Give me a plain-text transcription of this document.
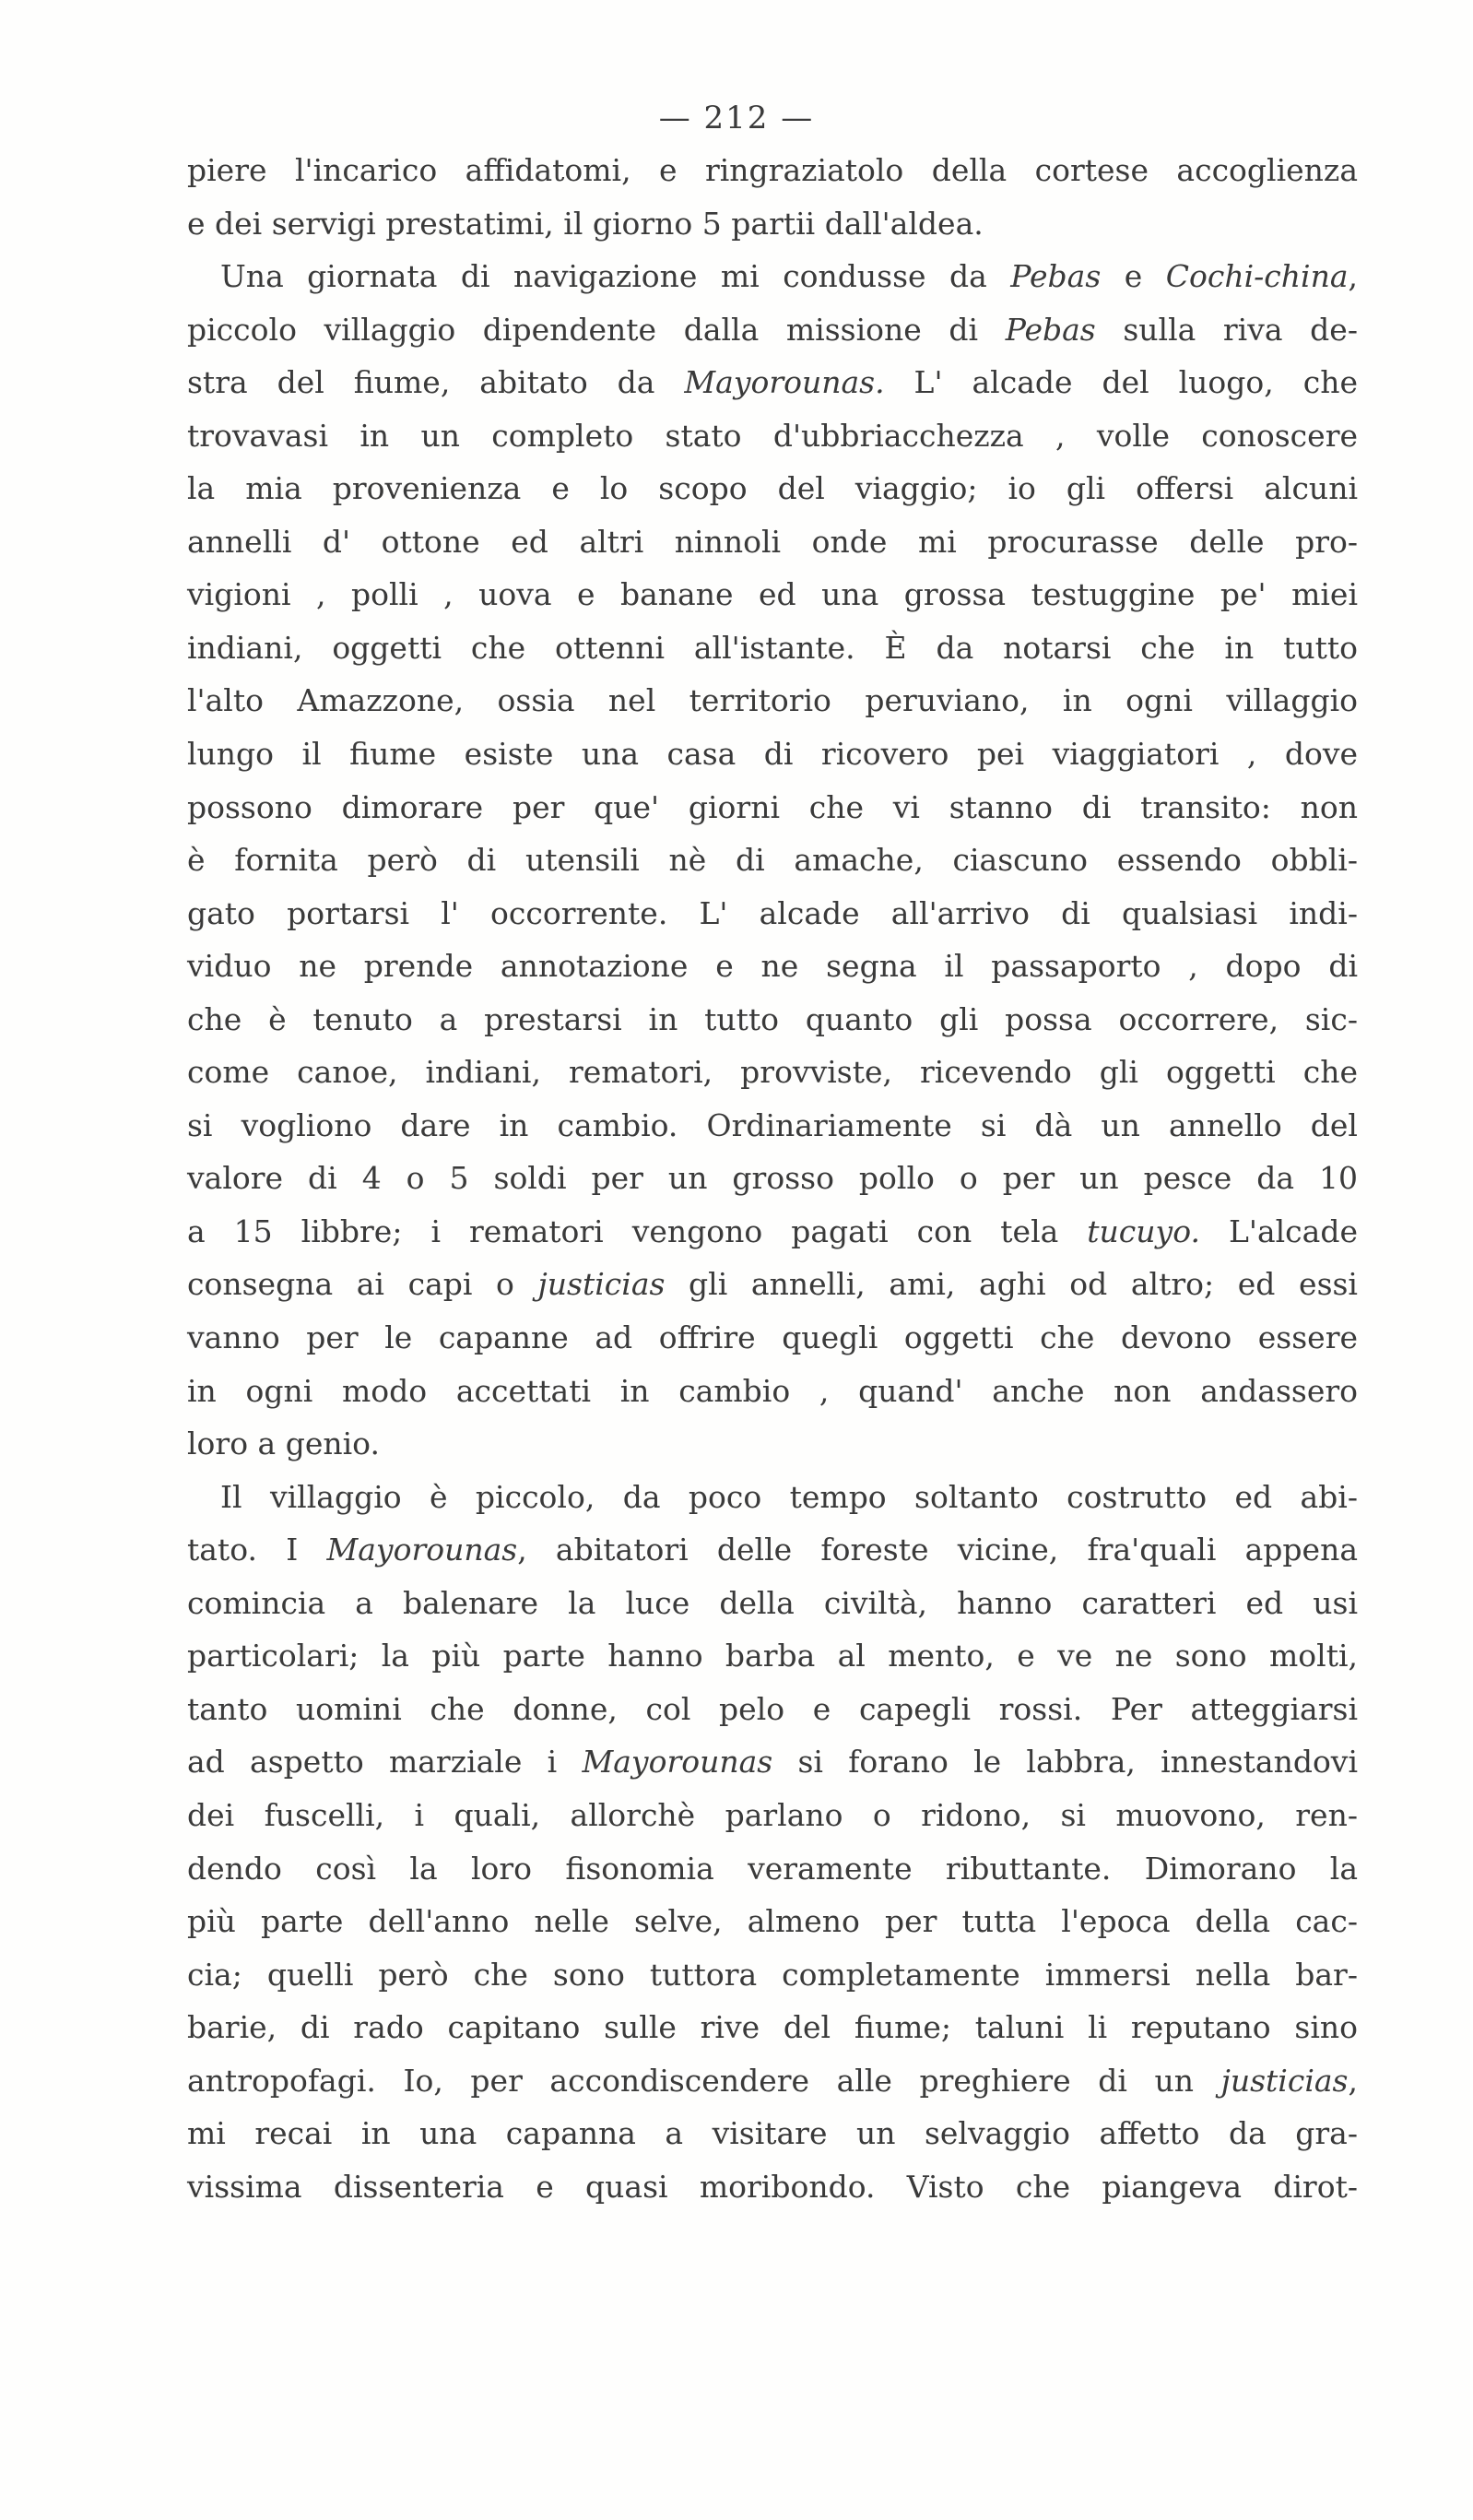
— 212 —
piere l'incarico affidatomi, e ringraziatolo della cortese accoglienza
e dei servigi prestatimi, il giorno 5 partii dall'aldea.
Una giornata di navigazione mi condusse da Pebas e Cochi-china,
piccolo villaggio dipendente dalla missione di Pebas sulla riva de-
stra del fiume, abitato da Mayorounas. L' alcade del luogo, che
trovavasi in un completo stato d'ubbriacchezza , volle conoscere
la mia provenienza e lo scopo del viaggio; io gli offersi alcuni
annelli d' ottone ed altri ninnoli onde mi procurasse delle pro-
vigioni , polli , uova e banane ed una grossa testuggine pe' miei
indiani, oggetti che ottenni all'istante. È da notarsi che in tutto
l'alto Amazzone, ossia nel territorio peruviano, in ogni villaggio
lungo il fiume esiste una casa di ricovero pei viaggiatori , dove
possono dimorare per que' giorni che vi stanno di transito: non
è fornita però di utensili nè di amache, ciascuno essendo obbli-
gato portarsi l' occorrente. L' alcade all'arrivo di qualsiasi indi-
viduo ne prende annotazione e ne segna il passaporto , dopo di
che è tenuto a prestarsi in tutto quanto gli possa occorrere, sic-
come canoe, indiani, rematori, provviste, ricevendo gli oggetti che
si vogliono dare in cambio. Ordinariamente si dà un annello del
valore di 4 o 5 soldi per un grosso pollo o per un pesce da 10
a 15 libbre; i rematori vengono pagati con tela tucuyo. L'alcade
consegna ai capi o justicias gli annelli, ami, aghi od altro; ed essi
vanno per le capanne ad offrire quegli oggetti che devono essere
in ogni modo accettati in cambio , quand' anche non andassero
loro a genio.
Il villaggio è piccolo, da poco tempo soltanto costrutto ed abi-
tato. I Mayorounas, abitatori delle foreste vicine, fra'quali appena
comincia a balenare la luce della civiltà, hanno caratteri ed usi
particolari; la più parte hanno barba al mento, e ve ne sono molti,
tanto uomini che donne, col pelo e capegli rossi. Per atteggiarsi
ad aspetto marziale i Mayorounas si forano le labbra, innestandovi
dei fuscelli, i quali, allorchè parlano o ridono, si muovono, ren-
dendo così la loro fisonomia veramente ributtante. Dimorano la
più parte dell'anno nelle selve, almeno per tutta l'epoca della cac-
cia; quelli però che sono tuttora completamente immersi nella bar-
barie, di rado capitano sulle rive del fiume; taluni li reputano sino
antropofagi. Io, per accondiscendere alle preghiere di un justicias,
mi recai in una capanna a visitare un selvaggio affetto da gra-
vissima dissenteria e quasi moribondo. Visto che piangeva dirot-
